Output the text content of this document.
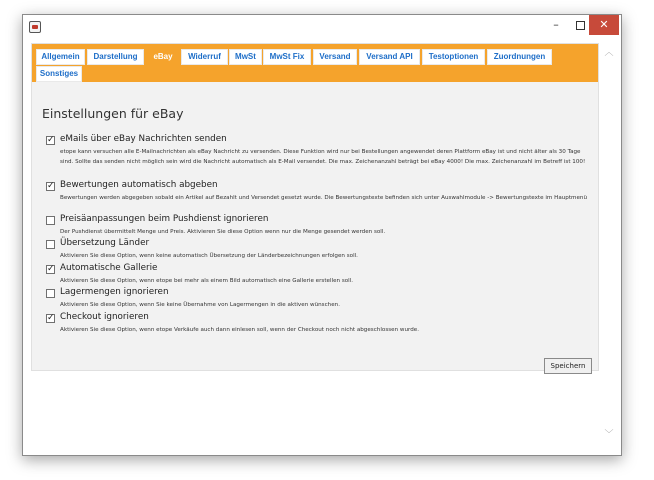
–	✕
Allgemein	Darstellung	eBay	Widerruf	MwSt	MwSt Fix	Versand	Versand API	Testoptionen	Zuordnungen
Sonstiges
Einstellungen für eBay
✓ eMails über eBay Nachrichten senden
etope kann versuchen alle E-Mailnachrichten als eBay Nachricht zu versenden. Diese Funktion wird nur bei Bestellungen angewendet deren Plattform eBay ist und nicht älter als 30 Tage sind. Sollte das senden nicht möglich sein wird die Nachricht automatisch als E-Mail versendet. Die max. Zeichenanzahl beträgt bei eBay 4000! Die max. Zeichenanzahl im Betreff ist 100!
✓ Bewertungen automatisch abgeben
Bewertungen werden abgegeben sobald ein Artikel auf Bezahlt und Versendet gesetzt wurde. Die Bewertungstexte befinden sich unter Auswahlmodule -> Bewertungstexte im Hauptmenü
Preisäanpassungen beim Pushdienst ignorieren
Der Pushdienst übermittelt Menge und Preis. Aktivieren Sie diese Option wenn nur die Menge gesendet werden soll.
Übersetzung Länder
Aktivieren Sie diese Option, wenn keine automatisch Übersetzung der Länderbezeichnungen erfolgen soll.
✓ Automatische Gallerie
Aktivieren Sie diese Option, wenn etope bei mehr als einem Bild automatisch eine Gallerie erstellen soll.
Lagermengen ignorieren
Aktivieren Sie diese Option, wenn Sie keine Übernahme von Lagermengen in die aktiven wünschen.
✓ Checkout ignorieren
Aktivieren Sie diese Option, wenn etope Verkäufe auch dann einlesen soll, wenn der Checkout noch nicht abgeschlossen wurde.
Speichern
︿
﹀
